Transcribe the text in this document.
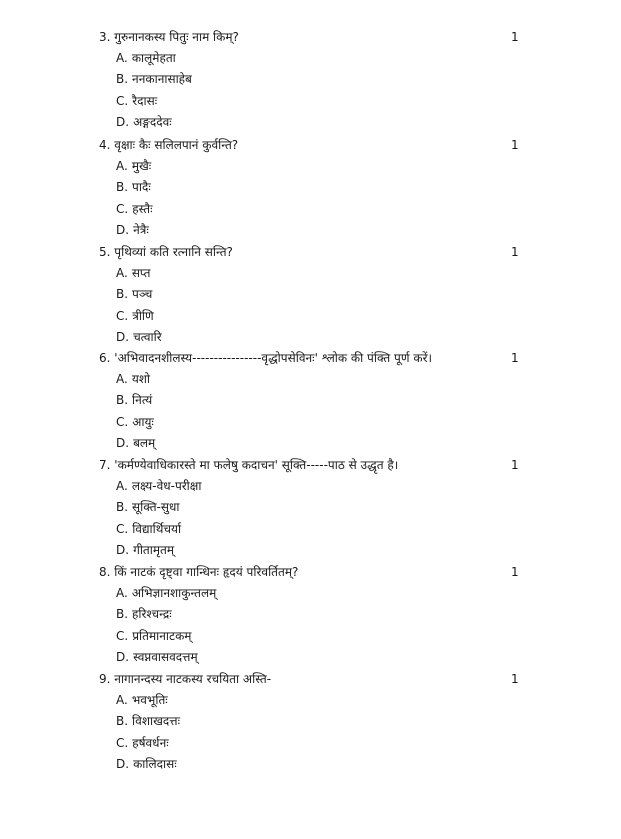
3. गुरुनानकस्य पितुः नाम किम्?	1
A. कालूमेहता
B. ननकानासाहेब
C. रैदासः
D. अङ्गददेवः
4. वृक्षाः कैः सलिलपानं कुर्वन्ति?	1
A. मुखैः
B. पादैः
C. हस्तैः
D. नेत्रैः
5. पृथिव्यां कति रत्नानि सन्ति?	1
A. सप्त
B. पञ्च
C. त्रीणि
D. चत्वारि
6. 'अभिवादनशीलस्य----------------वृद्धोपसेविनः' श्लोक की पंक्ति पूर्ण करें।	1
A. यशो
B. नित्यं
C. आयुः
D. बलम्
7. 'कर्मण्येवाधिकारस्ते मा फलेषु कदाचन' सूक्ति-----पाठ से उद्धृत है।	1
A. लक्ष्य-वेध-परीक्षा
B. सूक्ति-सुधा
C. विद्यार्थिचर्या
D. गीतामृतम्
8. किं नाटकं दृष्ट्वा गान्धिनः हृदयं परिवर्तितम्?	1
A. अभिज्ञानशाकुन्तलम्
B. हरिश्चन्द्रः
C. प्रतिमानाटकम्
D. स्वप्नवासवदत्तम्
9. नागानन्दस्य नाटकस्य रचयिता अस्ति-	1
A. भवभूतिः
B. विशाखदत्तः
C. हर्षवर्धनः
D. कालिदासः
